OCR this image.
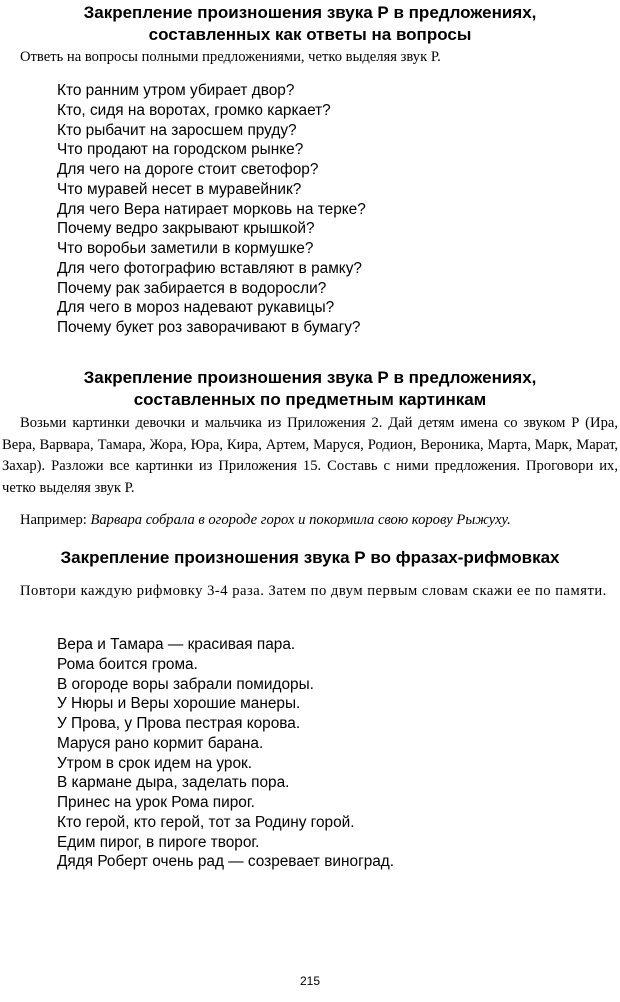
Закрепление произношения звука Р в предложениях,
составленных как ответы на вопросы
Ответь на вопросы полными предложениями, четко выделяя звук Р.
Кто ранним утром убирает двор?
Кто, сидя на воротах, громко каркает?
Кто рыбачит на заросшем пруду?
Что продают на городском рынке?
Для чего на дороге стоит светофор?
Что муравей несет в муравейник?
Для чего Вера натирает морковь на терке?
Почему ведро закрывают крышкой?
Что воробьи заметили в кормушке?
Для чего фотографию вставляют в рамку?
Почему рак забирается в водоросли?
Для чего в мороз надевают рукавицы?
Почему букет роз заворачивают в бумагу?
Закрепление произношения звука Р в предложениях,
составленных по предметным картинкам
Возьми картинки девочки и мальчика из Приложения 2. Дай детям имена со звуком Р (Ира, Вера, Варвара, Тамара, Жора, Юра, Кира, Артем, Маруся, Родион, Вероника, Марта, Марк, Марат, Захар). Разложи все картинки из Приложения 15. Составь с ними предложения. Проговори их, четко выделяя звук Р.
Например: Варвара собрала в огороде горох и покормила свою корову Рыжуху.
Закрепление произношения звука Р во фразах-рифмовках
Повтори каждую рифмовку 3-4 раза. Затем по двум первым словам скажи ее по памяти.
Вера и Тамара — красивая пара.
Рома боится грома.
В огороде воры забрали помидоры.
У Нюры и Веры хорошие манеры.
У Прова, у Прова пестрая корова.
Маруся рано кормит барана.
Утром в срок идем на урок.
В кармане дыра, заделать пора.
Принес на урок Рома пирог.
Кто герой, кто герой, тот за Родину горой.
Едим пирог, в пироге творог.
Дядя Роберт очень рад — созревает виноград.
215
